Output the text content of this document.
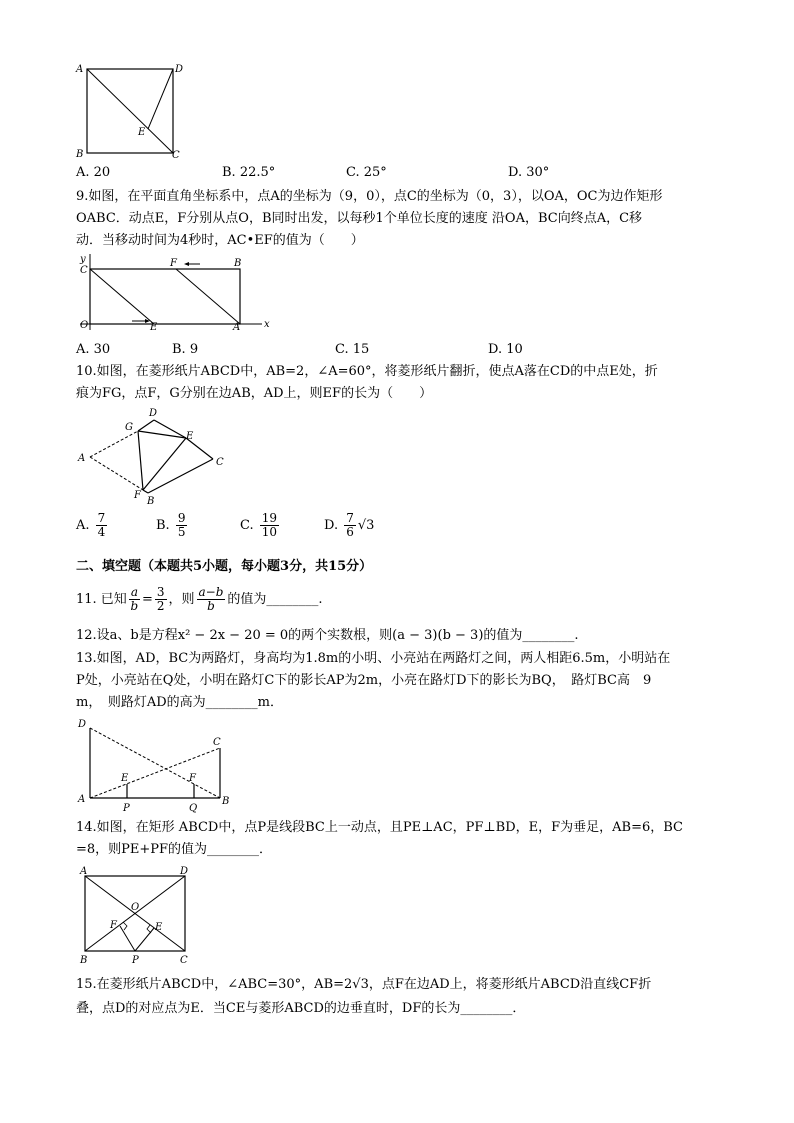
A	D
B	C
E
A. 20	B. 22.5°	C. 25°	D. 30°
9.如图，在平面直角坐标系中，点A的坐标为（9，0），点C的坐标为（0，3），以OA，OC为边作矩形
OABC．动点E，F分别从点O，B同时出发，以每秒1个单位长度的速度 沿OA，BC向终点A，C移
动．当移动时间为4秒时，AC•EF的值为（　　）
y
x
C
F	B
O	E	A
A. 30	B. 9	C. 15	D. 10
10.如图，在菱形纸片ABCD中，AB=2，∠A=60°，将菱形纸片翻折，使点A落在CD的中点E处，折
痕为FG，点F，G分别在边AB，AD上，则EF的长为（　　）
D
G
E
A	C
F
B
A. $\frac{7}{4}$	B. $\frac{9}{5}$	C. $\frac{19}{10}$	D. $\frac{7}{6} √3$
二、填空题（本题共5小题，每小题3分，共15分）
11. 已知 $\frac{a}{b} = \frac{3}{2}$ ，则 $\frac{a-b}{b}$ 的值为________.
12.设a、b是方程x² − 2x − 20 = 0的两个实数根，则(a − 3)(b − 3)的值为________.
13.如图，AD，BC为两路灯，身高均为1.8m的小明、小亮站在两路灯之间，两人相距6.5m，小明站在
P处，小亮站在Q处，小明在路灯C下的影长AP为2m，小亮在路灯D下的影长为BQ，　路灯BC高　9
m，　则路灯AD的高为________m．
D
C
E	F
A
P	Q
B
14.如图，在矩形 ABCD中，点P是线段BC上一动点，且PE⊥AC，PF⊥BD，E，F为垂足，AB=6，BC
=8，则PE+PF的值为________．
A	D
O
F	E
B	P	C
15.在菱形纸片ABCD中，∠ABC=30°，AB=2√3，点F在边AD上，将菱形纸片ABCD沿直线CF折
叠，点D的对应点为E．当CE与菱形ABCD的边垂直时，DF的长为________．
